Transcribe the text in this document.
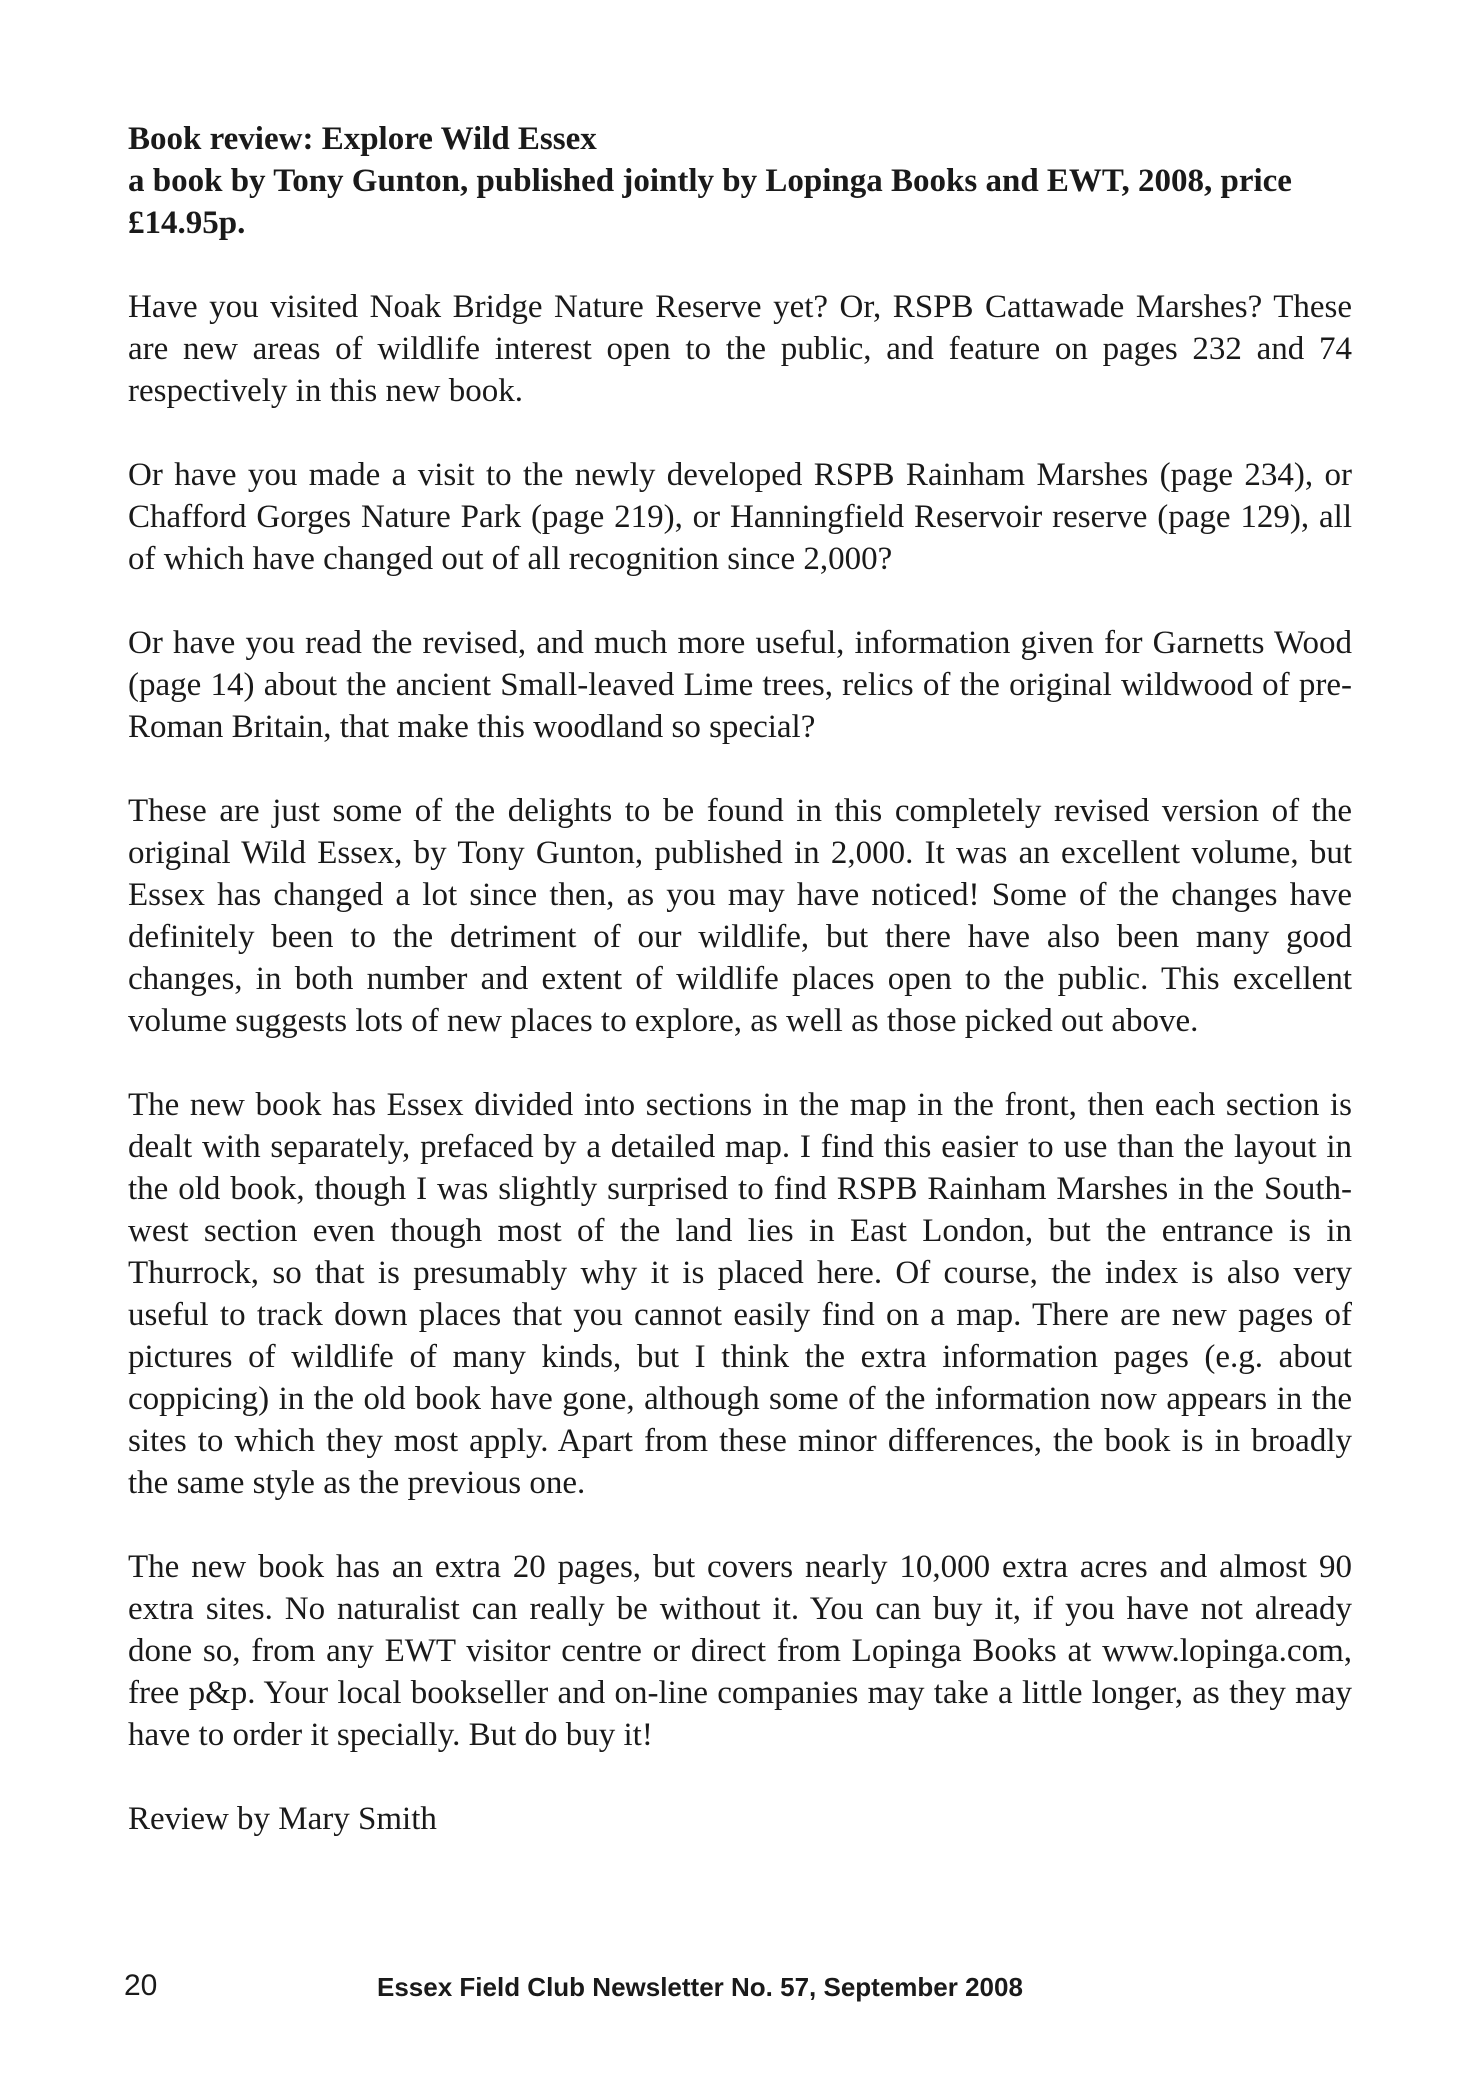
Book review: Explore Wild Essex
a book by Tony Gunton, published jointly by Lopinga Books and EWT, 2008, price £14.95p.

Have you visited Noak Bridge Nature Reserve yet? Or, RSPB Cattawade Marshes? These are new areas of wildlife interest open to the public, and feature on pages 232 and 74 respectively in this new book.

Or have you made a visit to the newly developed RSPB Rainham Marshes (page 234), or Chafford Gorges Nature Park (page 219), or Hanningfield Reservoir reserve (page 129), all of which have changed out of all recognition since 2,000?

Or have you read the revised, and much more useful, information given for Garnetts Wood (page 14) about the ancient Small-leaved Lime trees, relics of the original wildwood of pre-Roman Britain, that make this woodland so special?

These are just some of the delights to be found in this completely revised version of the original Wild Essex, by Tony Gunton, published in 2,000. It was an excellent volume, but Essex has changed a lot since then, as you may have noticed! Some of the changes have definitely been to the detriment of our wildlife, but there have also been many good changes, in both number and extent of wildlife places open to the public. This excellent volume suggests lots of new places to explore, as well as those picked out above.

The new book has Essex divided into sections in the map in the front, then each section is dealt with separately, prefaced by a detailed map. I find this easier to use than the layout in the old book, though I was slightly surprised to find RSPB Rainham Marshes in the South-west section even though most of the land lies in East London, but the entrance is in Thurrock, so that is presumably why it is placed here. Of course, the index is also very useful to track down places that you cannot easily find on a map. There are new pages of pictures of wildlife of many kinds, but I think the extra information pages (e.g. about coppicing) in the old book have gone, although some of the information now appears in the sites to which they most apply. Apart from these minor differences, the book is in broadly the same style as the previous one.

The new book has an extra 20 pages, but covers nearly 10,000 extra acres and almost 90 extra sites. No naturalist can really be without it. You can buy it, if you have not already done so, from any EWT visitor centre or direct from Lopinga Books at www.lopinga.com, free p&p. Your local bookseller and on-line companies may take a little longer, as they may have to order it specially. But do buy it!

Review by Mary Smith

20	Essex Field Club Newsletter No. 57, September 2008
